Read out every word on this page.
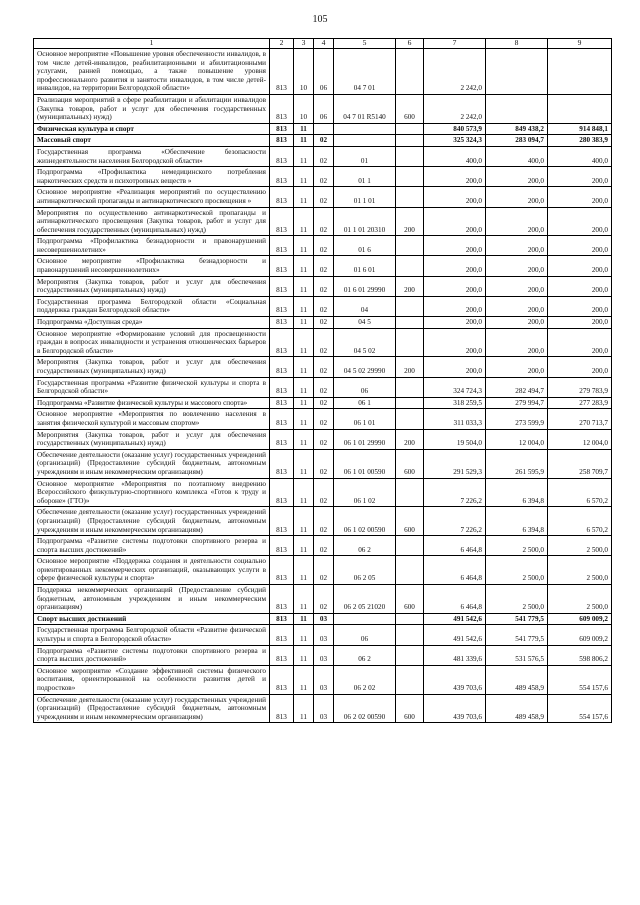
105
1	2	3	4	5	6	7	8	9
Основное мероприятие «Повышение уровня обеспеченности инвалидов, в том числе детей-инвалидов, реабилитационными и абилитационными услугами, ранней помощью, а также повышение уровня профессионального развития и занятости инвалидов, в том числе детей-инвалидов, на территории Белгородской области»	813	10	06	04 7 01		2 242,0		
Реализация мероприятий в сфере реабилитации и абилитации инвалидов (Закупка товаров, работ и услуг для обеспечения государственных (муниципальных) нужд)	813	10	06	04 7 01 R5140	600	2 242,0		
Физическая культура и спорт	813	11				840 573,9	849 438,2	914 848,1
Массовый спорт	813	11	02			325 324,3	283 094,7	280 383,9
Государственная программа «Обеспечение безопасности жизнедеятельности населения Белгородской области»	813	11	02	01		400,0	400,0	400,0
Подпрограмма «Профилактика немедицинского потребления наркотических средств и психотропных веществ »	813	11	02	01 1		200,0	200,0	200,0
Основное мероприятие «Реализация мероприятий по осуществлению антинаркотической пропаганды и антинаркотического просвещения »	813	11	02	01 1 01		200,0	200,0	200,0
Мероприятия по осуществлению антинаркотической пропаганды и антинаркотического просвещения (Закупка товаров, работ и услуг для обеспечения государственных (муниципальных) нужд)	813	11	02	01 1 01 20310	200	200,0	200,0	200,0
Подпрограмма «Профилактика безнадзорности и правонарушений несовершеннолетних»	813	11	02	01 6		200,0	200,0	200,0
Основное мероприятие «Профилактика безнадзорности и правонарушений несовершеннолетних»	813	11	02	01 6 01		200,0	200,0	200,0
Мероприятия (Закупка товаров, работ и услуг для обеспечения государственных (муниципальных) нужд)	813	11	02	01 6 01 29990	200	200,0	200,0	200,0
Государственная программа Белгородской области «Социальная поддержка граждан Белгородской области»	813	11	02	04		200,0	200,0	200,0
Подпрограмма «Доступная среда»	813	11	02	04 5		200,0	200,0	200,0
Основное мероприятие «Формирование условий для просвещенности граждан в вопросах инвалидности и устранения отношенческих барьеров в Белгородской области»	813	11	02	04 5 02		200,0	200,0	200,0
Мероприятия (Закупка товаров, работ и услуг для обеспечения государственных (муниципальных) нужд)	813	11	02	04 5 02 29990	200	200,0	200,0	200,0
Государственная программа «Развитие физической культуры и спорта в Белгородской области»	813	11	02	06		324 724,3	282 494,7	279 783,9
Подпрограмма «Развитие физической культуры и массового спорта»	813	11	02	06 1		318 259,5	279 994,7	277 283,9
Основное мероприятие «Мероприятия по вовлечению населения в занятия физической культурой и массовым спортом»	813	11	02	06 1 01		311 033,3	273 599,9	270 713,7
Мероприятия (Закупка товаров, работ и услуг для обеспечения государственных (муниципальных) нужд)	813	11	02	06 1 01 29990	200	19 504,0	12 004,0	12 004,0
Обеспечение деятельности (оказание услуг) государственных учреждений (организаций) (Предоставление субсидий бюджетным, автономным учреждениям и иным некоммерческим организациям)	813	11	02	06 1 01 00590	600	291 529,3	261 595,9	258 709,7
Основное мероприятие «Мероприятия по поэтапному внедрению Всероссийского физкультурно-спортивного комплекса «Готов к труду и обороне» (ГТО)»	813	11	02	06 1 02		7 226,2	6 394,8	6 570,2
Обеспечение деятельности (оказание услуг) государственных учреждений (организаций) (Предоставление субсидий бюджетным, автономным учреждениям и иным некоммерческим организациям)	813	11	02	06 1 02 00590	600	7 226,2	6 394,8	6 570,2
Подпрограмма «Развитие системы подготовки спортивного резерва и спорта высших достижений»	813	11	02	06 2		6 464,8	2 500,0	2 500,0
Основное мероприятие «Поддержка создания и деятельности социально ориентированных некоммерческих организаций, оказывающих услуги в сфере физической культуры и спорта»	813	11	02	06 2 05		6 464,8	2 500,0	2 500,0
Поддержка некоммерческих организаций (Предоставление субсидий бюджетным, автономным учреждениям и иным некоммерческим организациям)	813	11	02	06 2 05 21020	600	6 464,8	2 500,0	2 500,0
Спорт высших достижений	813	11	03			491 542,6	541 779,5	609 009,2
Государственная программа Белгородской области «Развитие физической культуры и спорта в Белгородской области»	813	11	03	06		491 542,6	541 779,5	609 009,2
Подпрограмма «Развитие системы подготовки спортивного резерва и спорта высших достижений»	813	11	03	06 2		481 339,6	531 576,5	598 806,2
Основное мероприятие «Создание эффективной системы физического воспитания, ориентированной на особенности развития детей и подростков»	813	11	03	06 2 02		439 703,6	489 458,9	554 157,6
Обеспечение деятельности (оказание услуг) государственных учреждений (организаций) (Предоставление субсидий бюджетным, автономным учреждениям и иным некоммерческим организациям)	813	11	03	06 2 02 00590	600	439 703,6	489 458,9	554 157,6
